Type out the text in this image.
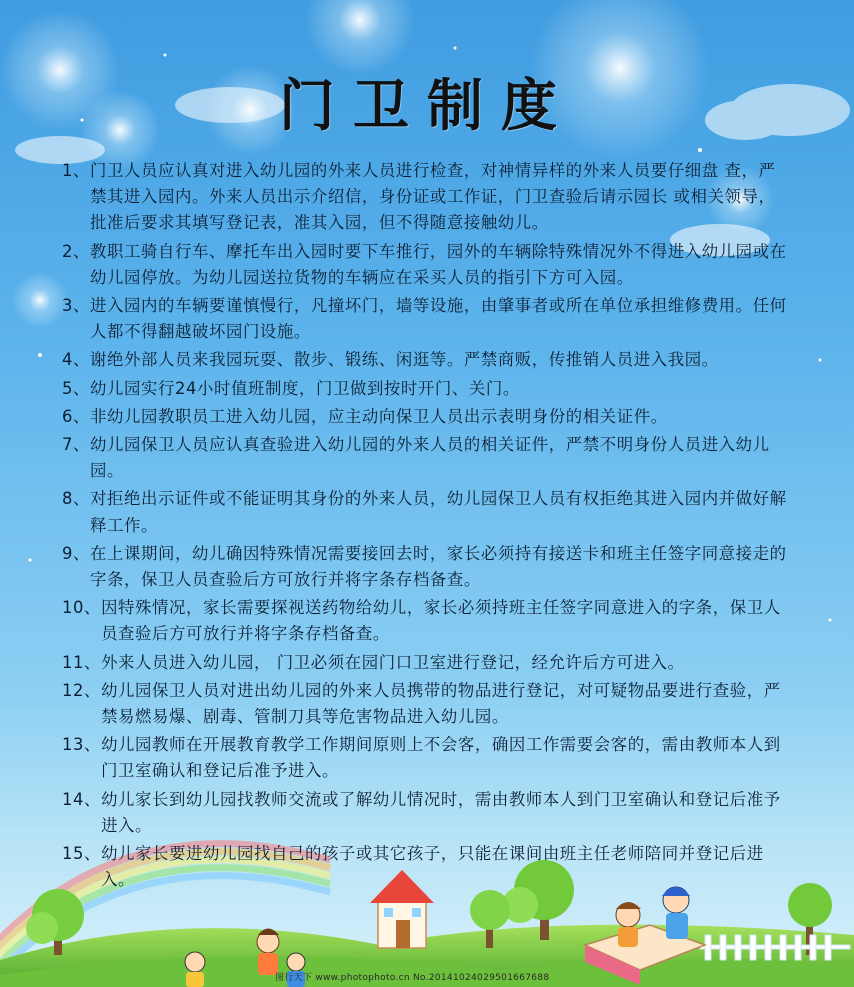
门卫制度
1、 门卫人员应认真对进入幼儿园的外来人员进行检查，对神情异样的外来人员要仔细盘 查，严禁其进入园内。外来人员出示介绍信，身份证或工作证，门卫查验后请示园长 或相关领导，批准后要求其填写登记表，准其入园，但不得随意接触幼儿。
2、 教职工骑自行车、摩托车出入园时要下车推行，园外的车辆除特殊情况外不得进入幼儿园或在幼儿园停放。为幼儿园送拉货物的车辆应在采买人员的指引下方可入园。
3、 进入园内的车辆要谨慎慢行，凡撞坏门，墙等设施，由肇事者或所在单位承担维修费用。任何人都不得翻越破坏园门设施。
4、 谢绝外部人员来我园玩耍、散步、锻练、闲逛等。严禁商贩，传推销人员进入我园。
5、 幼儿园实行24小时值班制度，门卫做到按时开门、关门。
6、 非幼儿园教职员工进入幼儿园，应主动向保卫人员出示表明身份的相关证件。
7、 幼儿园保卫人员应认真查验进入幼儿园的外来人员的相关证件，严禁不明身份人员进入幼儿园。
8、 对拒绝出示证件或不能证明其身份的外来人员，幼儿园保卫人员有权拒绝其进入园内并做好解释工作。
9、 在上课期间，幼儿确因特殊情况需要接回去时，家长必须持有接送卡和班主任签字同意接走的字条，保卫人员查验后方可放行并将字条存档备查。
10、 因特殊情况，家长需要探视送药物给幼儿，家长必须持班主任签字同意进入的字条，保卫人员查验后方可放行并将字条存档备查。
11、 外来人员进入幼儿园， 门卫必须在园门口卫室进行登记，经允许后方可进入。
12、 幼儿园保卫人员对进出幼儿园的外来人员携带的物品进行登记，对可疑物品要进行查验，严禁易燃易爆、剧毒、管制刀具等危害物品进入幼儿园。
13、 幼儿园教师在开展教育教学工作期间原则上不会客，确因工作需要会客的，需由教师本人到门卫室确认和登记后准予进入。
14、 幼儿家长到幼儿园找教师交流或了解幼儿情况时，需由教师本人到门卫室确认和登记后准予进入。
15、 幼儿家长要进幼儿园找自己的孩子或其它孩子，只能在课间由班主任老师陪同并登记后进入。
图行天下 www.photophoto.cn No.20141024029501667688
